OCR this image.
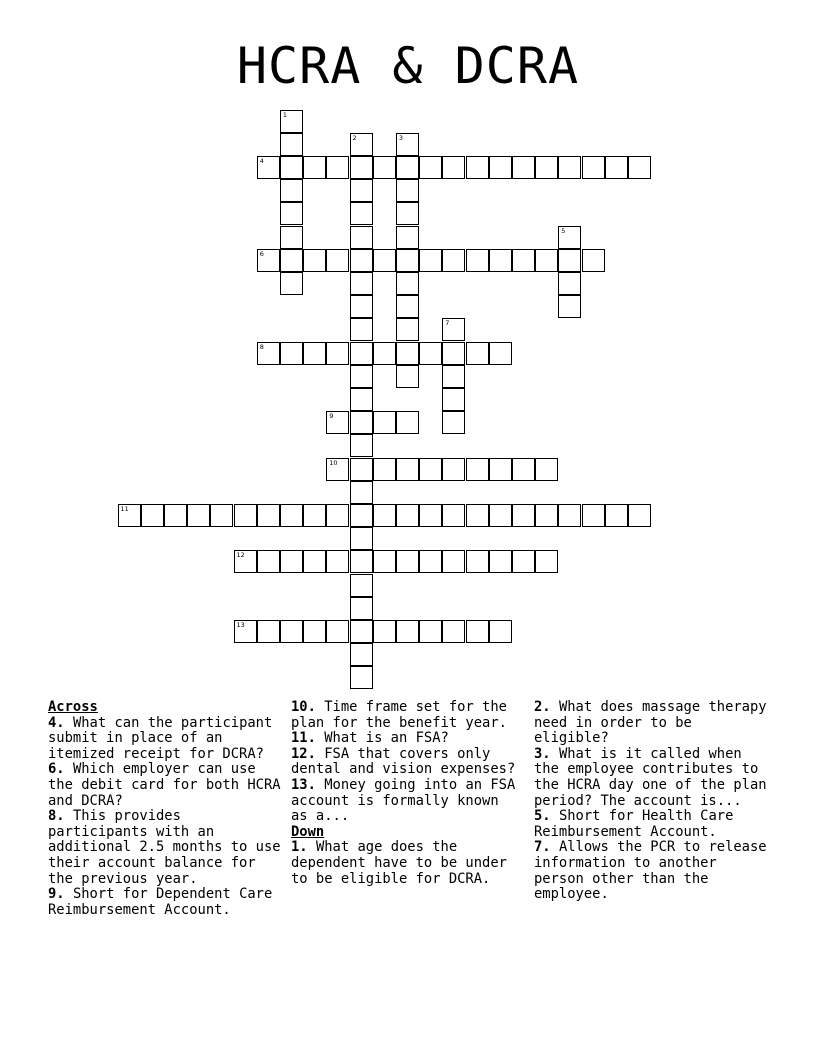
HCRA & DCRA
1
2	3
4
5
6
7
8
9
10
11
12
13
Across

4. What can the participant submit in place of an itemized receipt for DCRA?

6. Which employer can use the debit card for both HCRA and DCRA?

8. This provides participants with an additional 2.5 months to use their account balance for the previous year.

9. Short for Dependent Care Reimbursement Account.

10. Time frame set for the plan for the benefit year.

11. What is an FSA?

12. FSA that covers only dental and vision expenses?

13. Money going into an FSA account is formally known as a...

Down

1. What age does the dependent have to be under to be eligible for DCRA.

2. What does massage therapy need in order to be eligible?

3. What is it called when the employee contributes to the HCRA day one of the plan period? The account is...

5. Short for Health Care Reimbursement Account.

7. Allows the PCR to release information to another person other than the employee.
